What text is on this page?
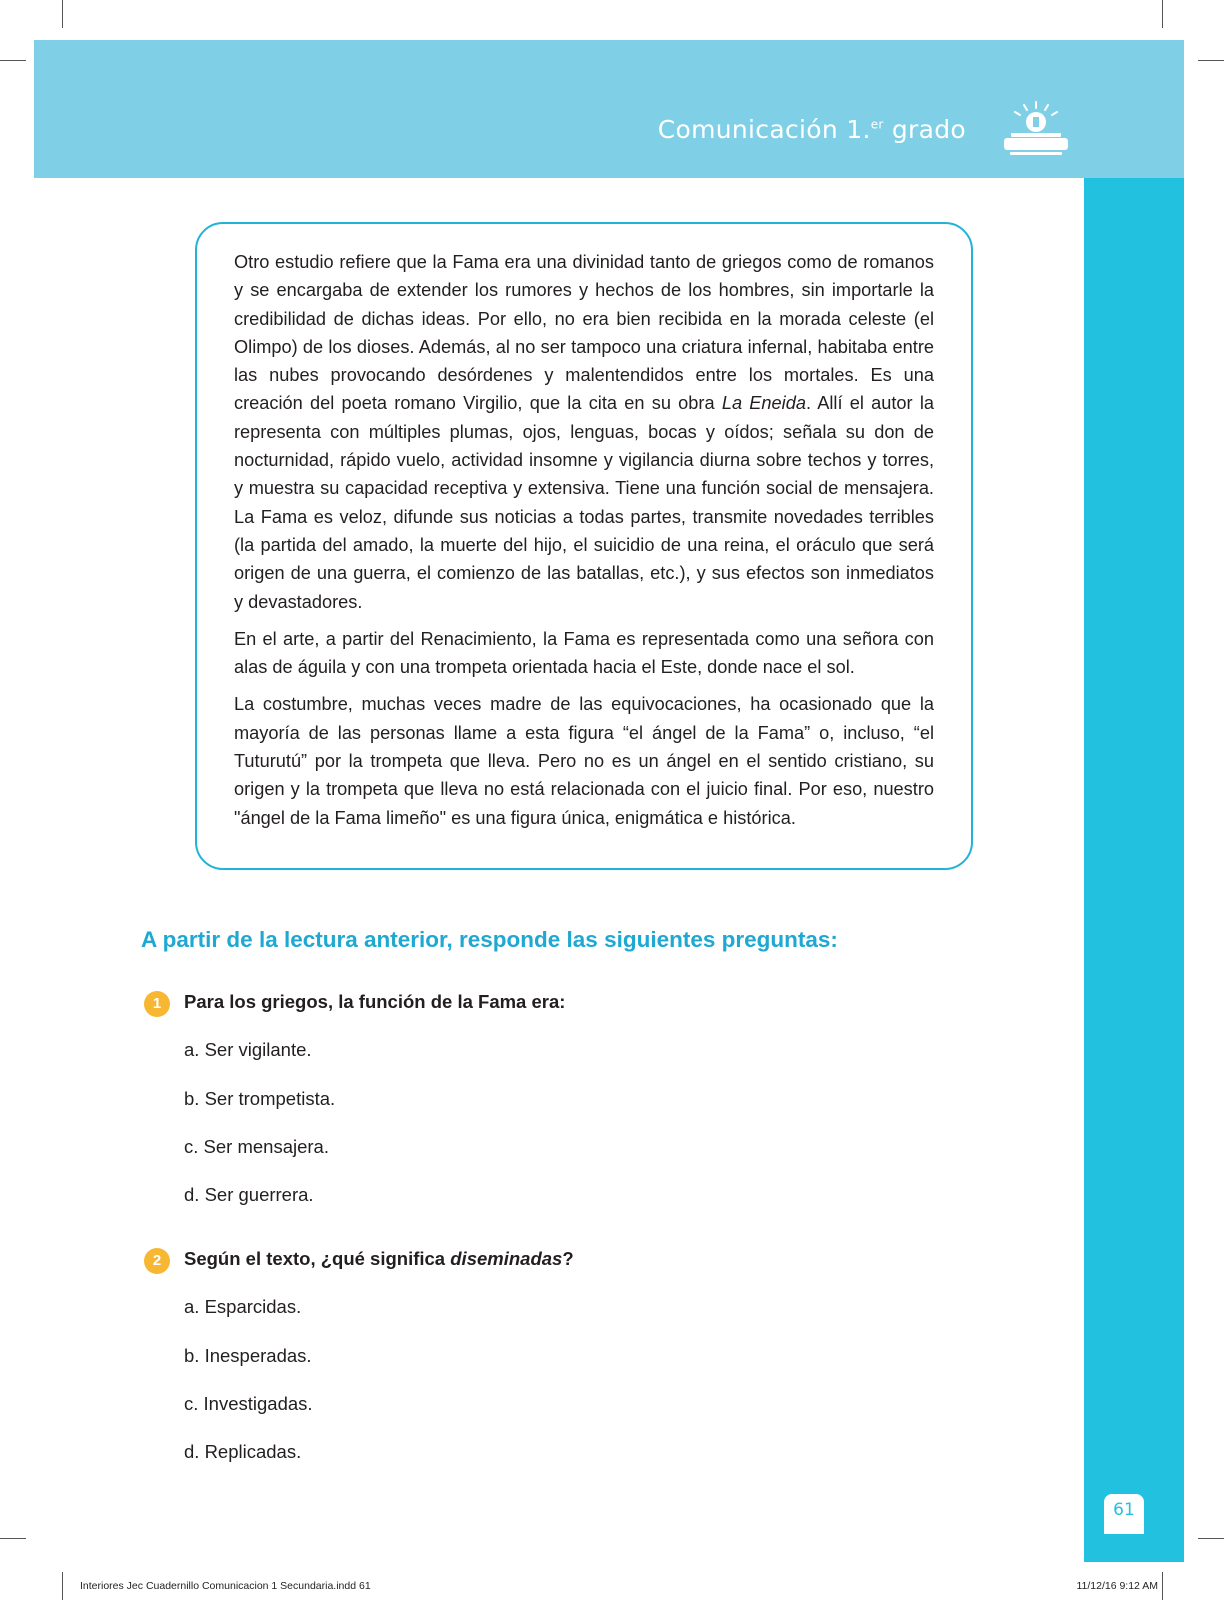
Comunicación 1.$^{er}$ grado
61

Otro estudio refiere que la Fama era una divinidad tanto de griegos como de romanos y se encargaba de extender los rumores y hechos de los hombres, sin importarle la credibilidad de dichas ideas. Por ello, no era bien recibida en la morada celeste (el Olimpo) de los dioses. Además, al no ser tampoco una criatura infernal, habitaba entre las nubes provocando desórdenes y malentendidos entre los mortales. Es una creación del poeta romano Virgilio, que la cita en su obra La Eneida. Allí el autor la representa con múltiples plumas, ojos, lenguas, bocas y oídos; señala su don de nocturnidad, rápido vuelo, actividad insomne y vigilancia diurna sobre techos y torres, y muestra su capacidad receptiva y extensiva. Tiene una función social de mensajera. La Fama es veloz, difunde sus noticias a todas partes, transmite novedades terribles (la partida del amado, la muerte del hijo, el suicidio de una reina, el oráculo que será origen de una guerra, el comienzo de las batallas, etc.), y sus efectos son inmediatos y devastadores.

En el arte, a partir del Renacimiento, la Fama es representada como una señora con alas de águila y con una trompeta orientada hacia el Este, donde nace el sol.

La costumbre, muchas veces madre de las equivocaciones, ha ocasionado que la mayoría de las personas llame a esta figura “el ángel de la Fama” o, incluso, “el Tuturutú” por la trompeta que lleva. Pero no es un ángel en el sentido cristiano, su origen y la trompeta que lleva no está relacionada con el juicio final. Por eso, nuestro "ángel de la Fama limeño" es una figura única, enigmática e histórica.

A partir de la lectura anterior, responde las siguientes preguntas:
1	Para los griegos, la función de la Fama era:
a. Ser vigilante.
b. Ser trompetista.
c. Ser mensajera.
d. Ser guerrera.
2	Según el texto, ¿qué significa diseminadas?
a. Esparcidas.
b. Inesperadas.
c. Investigadas.
d. Replicadas.
Interiores Jec Cuadernillo Comunicacion 1 Secundaria.indd 61	11/12/16 9:12 AM
